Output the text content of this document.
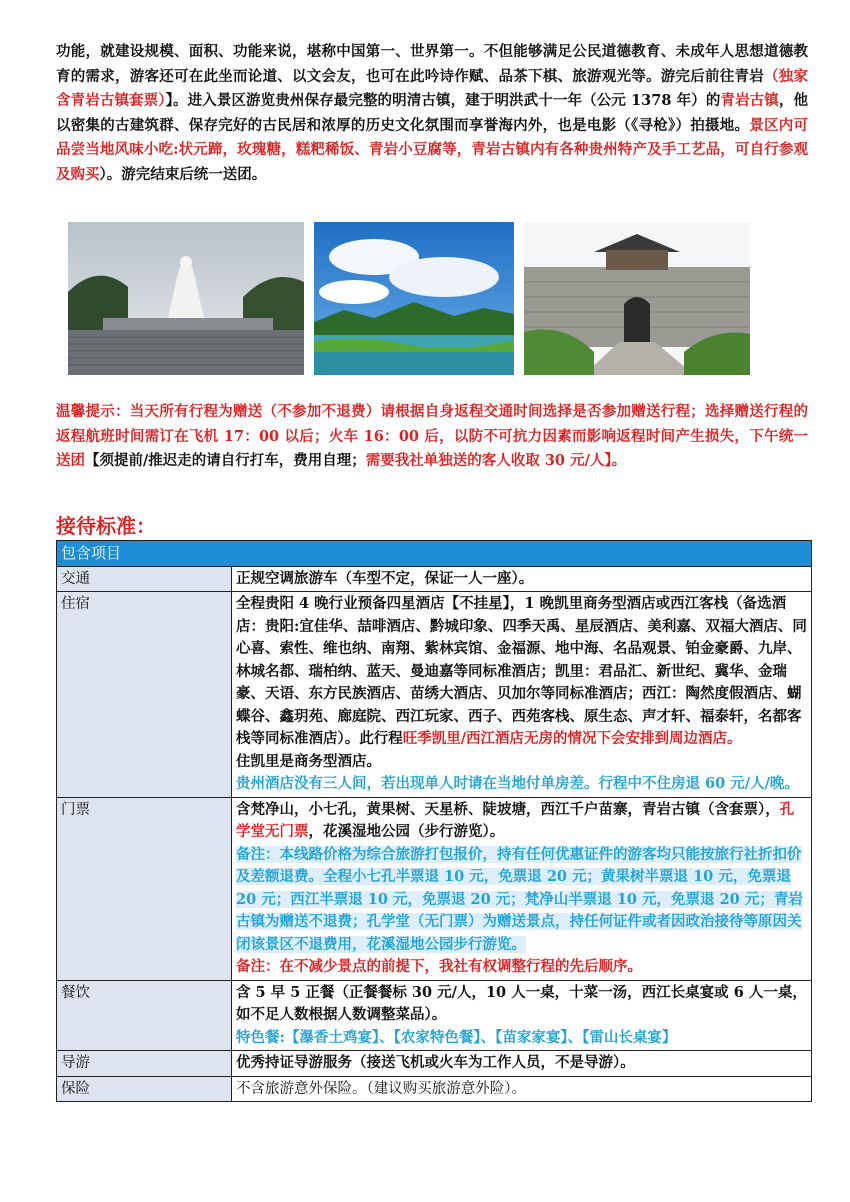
功能，就建设规模、面积、功能来说，堪称中国第一、世界第一。不但能够满足公民道德教育、未成年人思想道德教育的需求，游客还可在此坐而论道、以文会友，也可在此吟诗作赋、品茶下棋、旅游观光等。游完后前往青岩（独家含青岩古镇套票）】。进入景区游览贵州保存最完整的明清古镇，建于明洪武十一年（公元 1378 年）的青岩古镇，他以密集的古建筑群、保存完好的古民居和浓厚的历史文化氛围而享誉海内外，也是电影（《寻枪》）拍摄地。景区内可品尝当地风味小吃:状元蹄，玫瑰糖，糕粑稀饭、青岩小豆腐等，青岩古镇内有各种贵州特产及手工艺品，可自行参观及购买）。游完结束后统一送团。
温馨提示：当天所有行程为赠送（不参加不退费）请根据自身返程交通时间选择是否参加赠送行程；选择赠送行程的返程航班时间需订在飞机 17：00 以后；火车 16：00 后，以防不可抗力因素而影响返程时间产生损失，下午统一送团【须提前/推迟走的请自行打车，费用自理；需要我社单独送的客人收取 30 元/人】。
接待标准：
包含项目	
交通	正规空调旅游车（车型不定，保证一人一座）。
住宿	全程贵阳 4 晚行业预备四星酒店【不挂星】，1 晚凯里商务型酒店或西江客栈（备选酒店：贵阳:宜佳华、喆啡酒店、黔城印象、四季天禹、星辰酒店、美利嘉、双福大酒店、同心喜、索性、维也纳、南翔、紫林宾馆、金福源、地中海、名品观景、铂金豪爵、九岸、林城名都、瑞柏纳、蓝天、曼迪嘉等同标准酒店；凯里：君品汇、新世纪、冀华、金瑞豪、天语、东方民族酒店、苗绣大酒店、贝加尔等同标准酒店；西江：陶然度假酒店、蝴蝶谷、鑫玥苑、廊庭院、西江玩家、西子、西苑客栈、原生态、声才轩、福泰轩，名都客栈等同标准酒店）。此行程旺季凯里/西江酒店无房的情况下会安排到周边酒店。
住凯里是商务型酒店。
贵州酒店没有三人间，若出现单人时请在当地付单房差。行程中不住房退 60 元/人/晚。
门票	含梵净山，小七孔，黄果树、天星桥、陡坡塘，西江千户苗寨，青岩古镇（含套票），孔学堂无门票，花溪湿地公园（步行游览）。
备注：本线路价格为综合旅游打包报价，持有任何优惠证件的游客均只能按旅行社折扣价及差额退费。全程小七孔半票退 10 元，免票退 20 元；黄果树半票退 10 元，免票退 20 元；西江半票退 10 元，免票退 20 元；梵净山半票退 10 元，免票退 20 元；青岩古镇为赠送不退费；孔学堂（无门票）为赠送景点，持任何证件或者因政治接待等原因关闭该景区不退费用，花溪湿地公园步行游览。
备注：在不减少景点的前提下，我社有权调整行程的先后顺序。
餐饮	含 5 早 5 正餐（正餐餐标 30 元/人，10 人一桌，十菜一汤，西江长桌宴或 6 人一桌，如不足人数根据人数调整菜品）。
特色餐:【瀑香土鸡宴】、【农家特色餐】、【苗家家宴】、【雷山长桌宴】
导游	优秀持证导游服务（接送飞机或火车为工作人员，不是导游）。
保险	不含旅游意外保险。（建议购买旅游意外险）。
